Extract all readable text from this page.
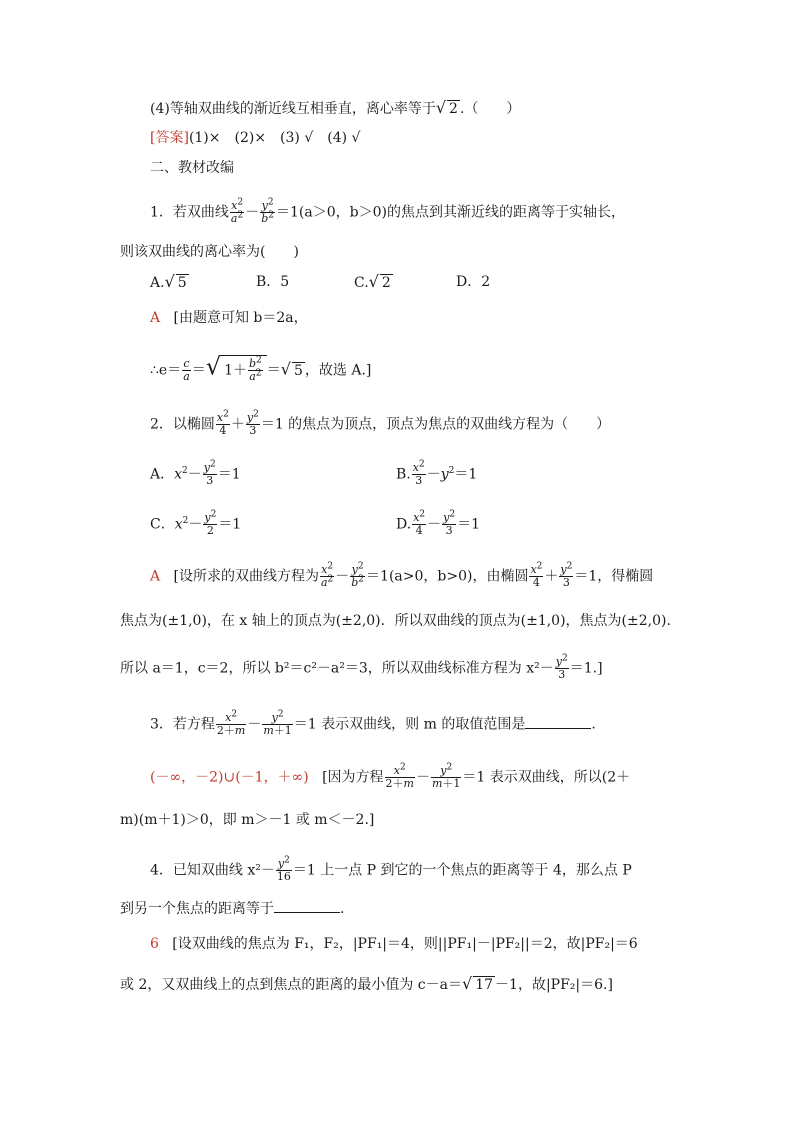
(4)等轴双曲线的渐近线互相垂直，离心率等于√ 2 .（　　）
[答案](1)×　(2)×　(3) √　(4) √
二、教材改编
1．若双曲线 $\frac{x^2}{a^2} - \frac{y^2}{b^2} =1(a>0$，b＞0)的焦点到其渐近线的距离等于实轴长，
则该双曲线的离心率为(　　)
A.√ 5	B．5	C.√ 2	D．2
A [由题意可知 b＝2a，
∴e＝ $\frac{c}{a}$ ＝√ $1+ \frac{b^2}{a^2}$ ＝√ 5 ，故选 A.]
2．以椭圆 $\frac{x^2}{4} + \frac{y^2}{3} =1$ 的焦点为顶点，顶点为焦点的双曲线方程为（　　）
A．$x^2- \frac{y^2}{3} =1$	B. $\frac{x^2}{3} -y^2=1$
C．$x^2- \frac{y^2}{2} =1$	D. $\frac{x^2}{4} - \frac{y^2}{3} =1$
A [设所求的双曲线方程为 $\frac{x^2}{a^2} - \frac{y^2}{b^2} =1(a>0$，b>0)，由椭圆 $\frac{x^2}{4} + \frac{y^2}{3} =1$，得椭圆
焦点为(±1,0)，在 x 轴上的顶点为(±2,0)．所以双曲线的顶点为(±1,0)，焦点为(±2,0).
所以 a＝1，c＝2，所以 b²＝c²－a²＝3，所以双曲线标准方程为 $x^2- \frac{y^2}{3} =1$.]
3．若方程 $\frac{x^2}{2+m} - \frac{y^2}{m+1} =1$ 表示双曲线，则 m 的取值范围是	.
(－∞，－2)∪(－1，＋∞) [因为方程 $\frac{x^2}{2+m} - \frac{y^2}{m+1} =1$ 表示双曲线，所以(2＋
m)(m＋1)＞0，即 m＞－1 或 m＜－2.]
4．已知双曲线 $x^2- \frac{y^2}{16} =1$ 上一点 P 到它的一个焦点的距离等于 4，那么点 P
到另一个焦点的距离等于	.
6 [设双曲线的焦点为 F₁，F₂，|PF₁|＝4，则||PF₁|－|PF₂||＝2，故|PF₂|＝6
或 2，又双曲线上的点到焦点的距离的最小值为 c－a＝√ 17 －1，故|PF₂|＝6.]
